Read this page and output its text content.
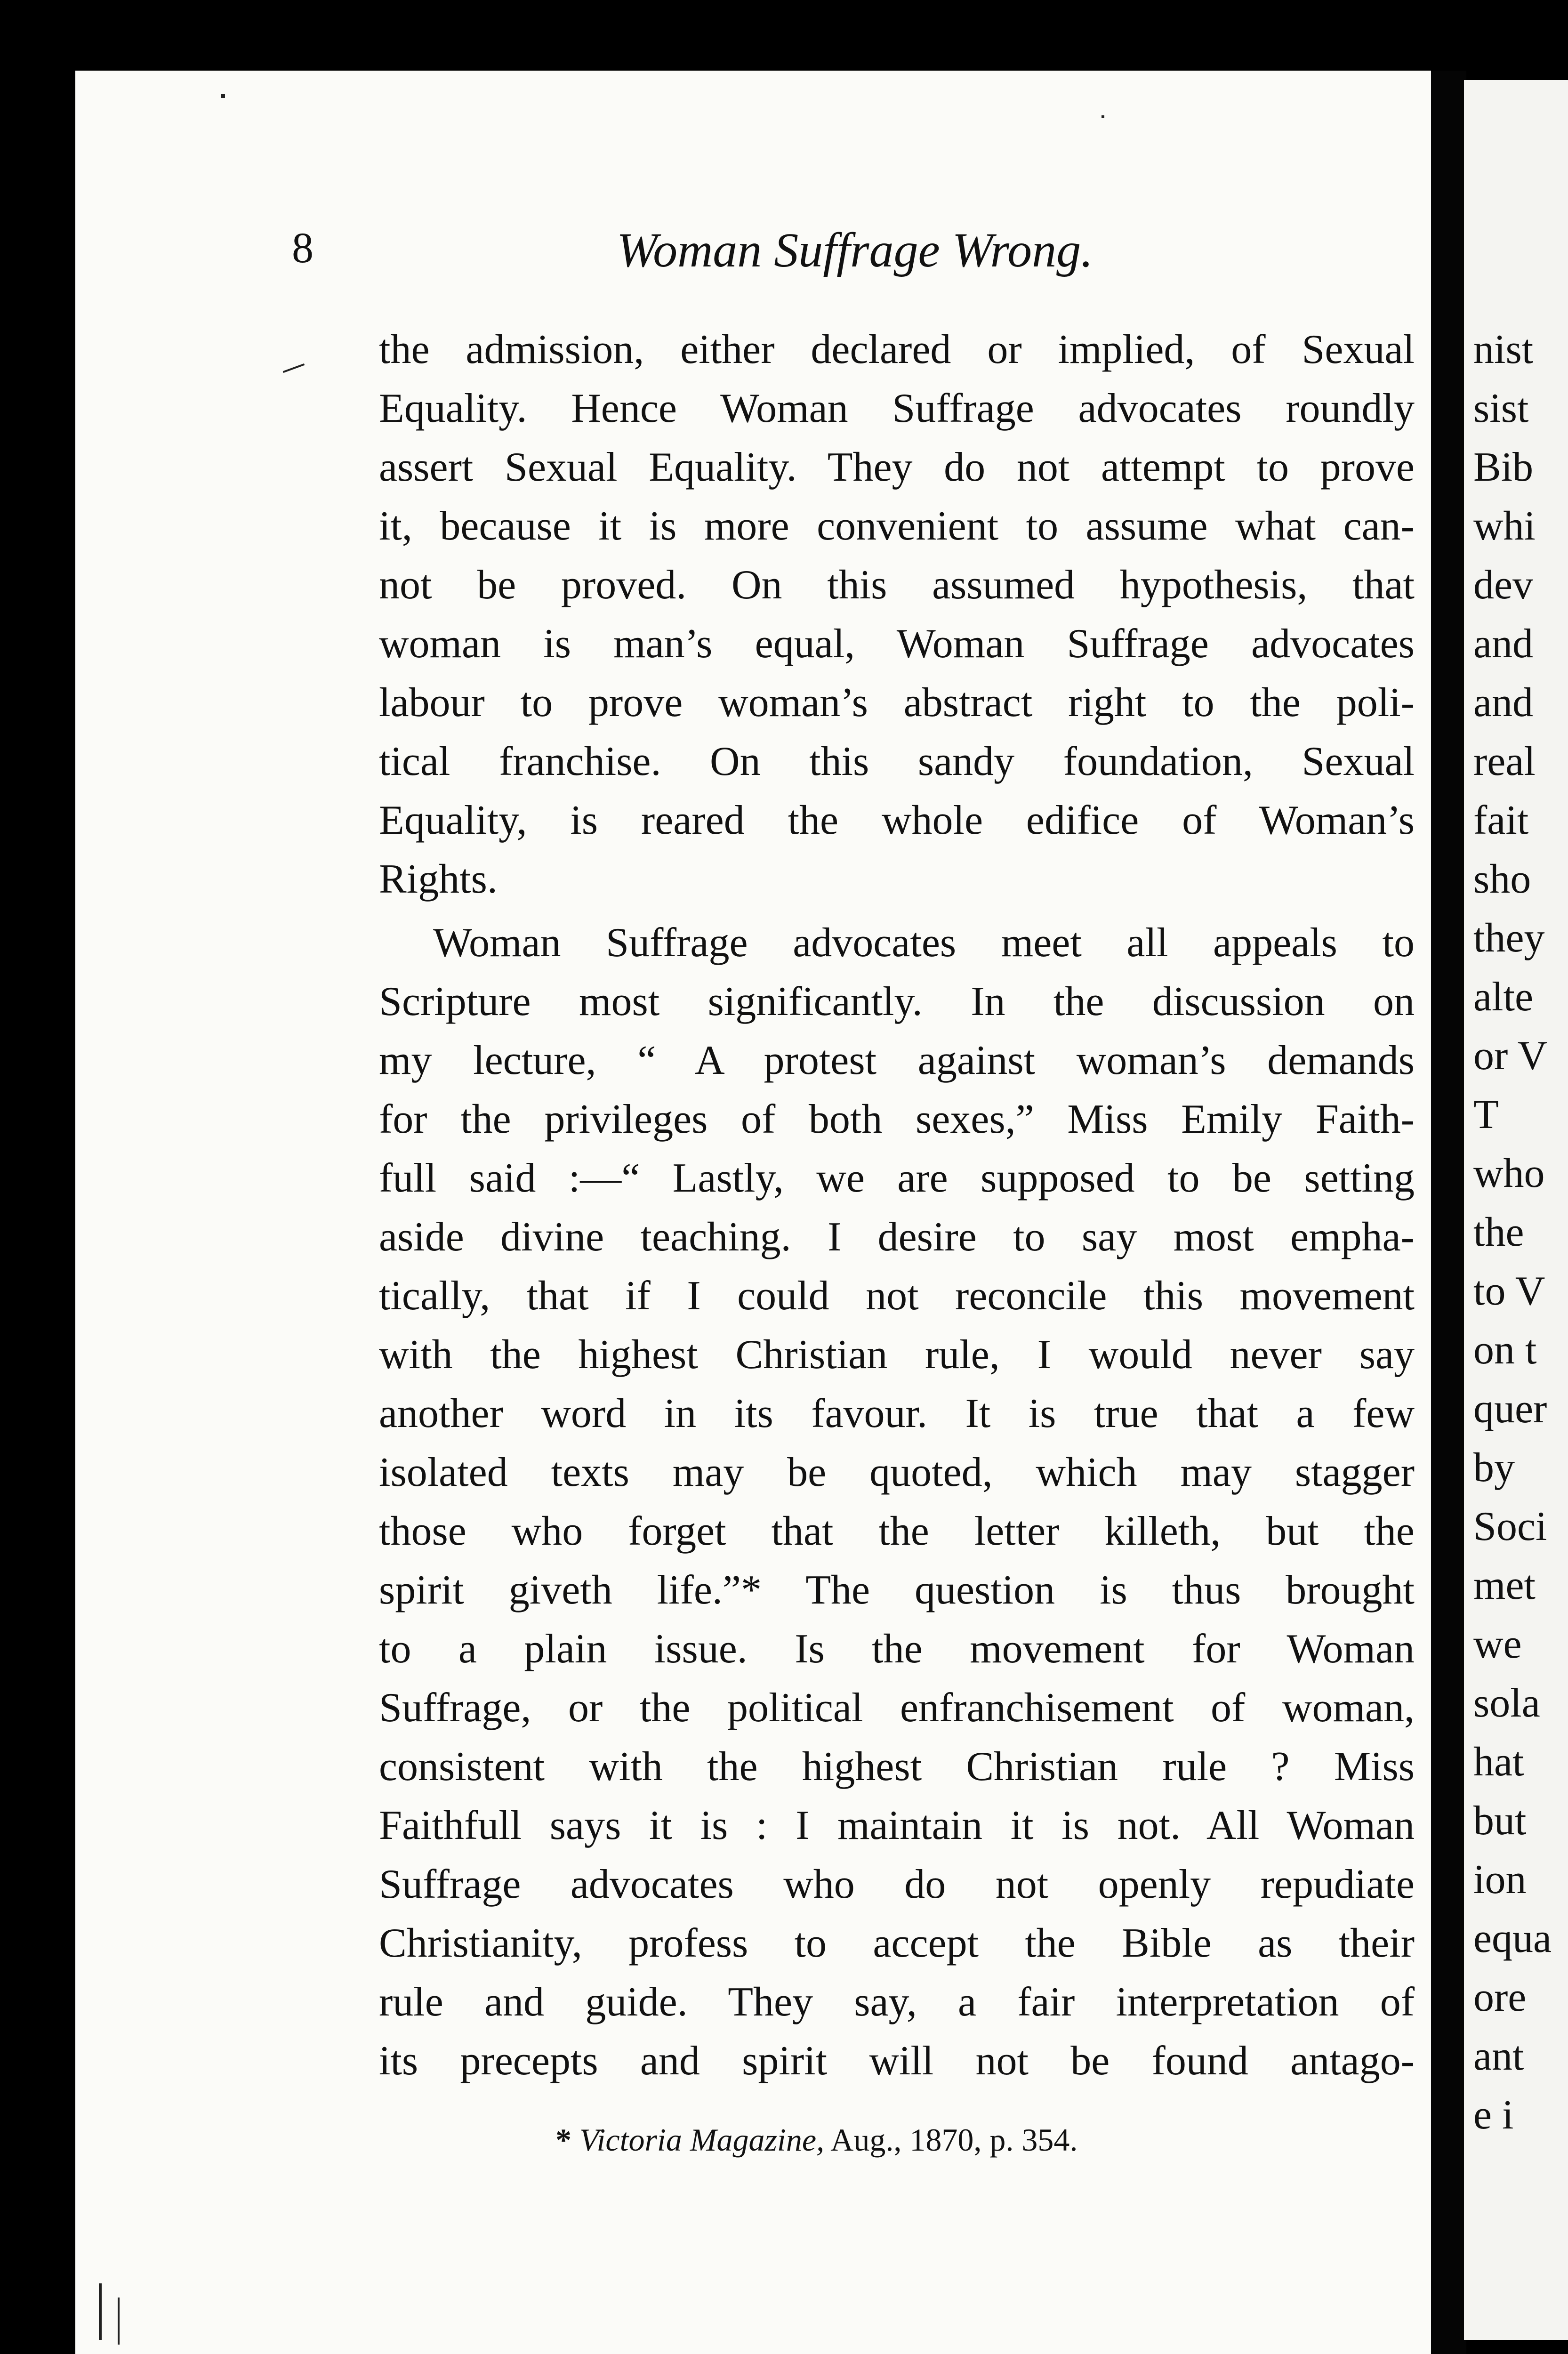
nist
sist
Bib
whi
dev
and
and
real
fait
sho
they
alte
or V
T
who
the
to V
on t
quer
by
Soci
met
we
sola
hat
but
ion
equa
ore
ant
e i
8	Woman Suffrage Wrong.
the admission, either declared or implied, of Sexual
Equality. Hence Woman Suffrage advocates roundly
assert Sexual Equality. They do not attempt to prove
it, because it is more convenient to assume what can-
not be proved. On this assumed hypothesis, that
woman is man’s equal, Woman Suffrage advocates
labour to prove woman’s abstract right to the poli-
tical franchise. On this sandy foundation, Sexual
Equality, is reared the whole edifice of Woman’s
Rights.
Woman Suffrage advocates meet all appeals to
Scripture most significantly. In the discussion on
my lecture, “ A protest against woman’s demands
for the privileges of both sexes,” Miss Emily Faith-
full said :—“ Lastly, we are supposed to be setting
aside divine teaching. I desire to say most empha-
tically, that if I could not reconcile this movement
with the highest Christian rule, I would never say
another word in its favour. It is true that a few
isolated texts may be quoted, which may stagger
those who forget that the letter killeth, but the
spirit giveth life.”* The question is thus brought
to a plain issue. Is the movement for Woman
Suffrage, or the political enfranchisement of woman,
consistent with the highest Christian rule ? Miss
Faithfull says it is : I maintain it is not. All Woman
Suffrage advocates who do not openly repudiate
Christianity, profess to accept the Bible as their
rule and guide. They say, a fair interpretation of
its precepts and spirit will not be found antago-
* Victoria Magazine, Aug., 1870, p. 354.
